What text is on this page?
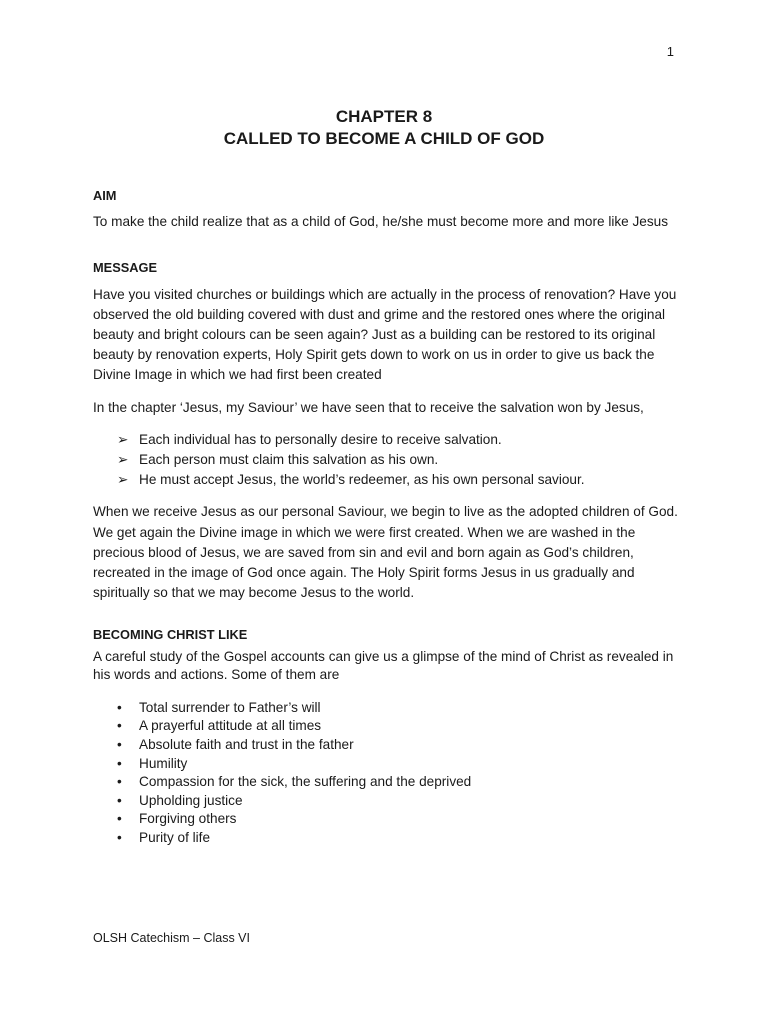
1
CHAPTER 8
CALLED TO BECOME A CHILD OF GOD
AIM

To make the child realize that as a child of God, he/she must become more and more like Jesus

MESSAGE

Have you visited churches or buildings which are actually in the process of renovation? Have you observed the old building covered with dust and grime and the restored ones where the original beauty and bright colours can be seen again? Just as a building can be restored to its original beauty by renovation experts, Holy Spirit gets down to work on us in order to give us back the Divine Image in which we had first been created

In the chapter ‘Jesus, my Saviour’ we have seen that to receive the salvation won by Jesus,

➢ Each individual has to personally desire to receive salvation.
➢ Each person must claim this salvation as his own.
➢ He must accept Jesus, the world’s redeemer, as his own personal saviour.

When we receive Jesus as our personal Saviour, we begin to live as the adopted children of God. We get again the Divine image in which we were first created. When we are washed in the precious blood of Jesus, we are saved from sin and evil and born again as God’s children, recreated in the image of God once again. The Holy Spirit forms Jesus in us gradually and spiritually so that we may become Jesus to the world.

BECOMING CHRIST LIKE

A careful study of the Gospel accounts can give us a glimpse of the mind of Christ as revealed in his words and actions. Some of them are

• Total surrender to Father’s will
• A prayerful attitude at all times
• Absolute faith and trust in the father
• Humility
• Compassion for the sick, the suffering and the deprived
• Upholding justice
• Forgiving others
• Purity of life
OLSH Catechism – Class VI
